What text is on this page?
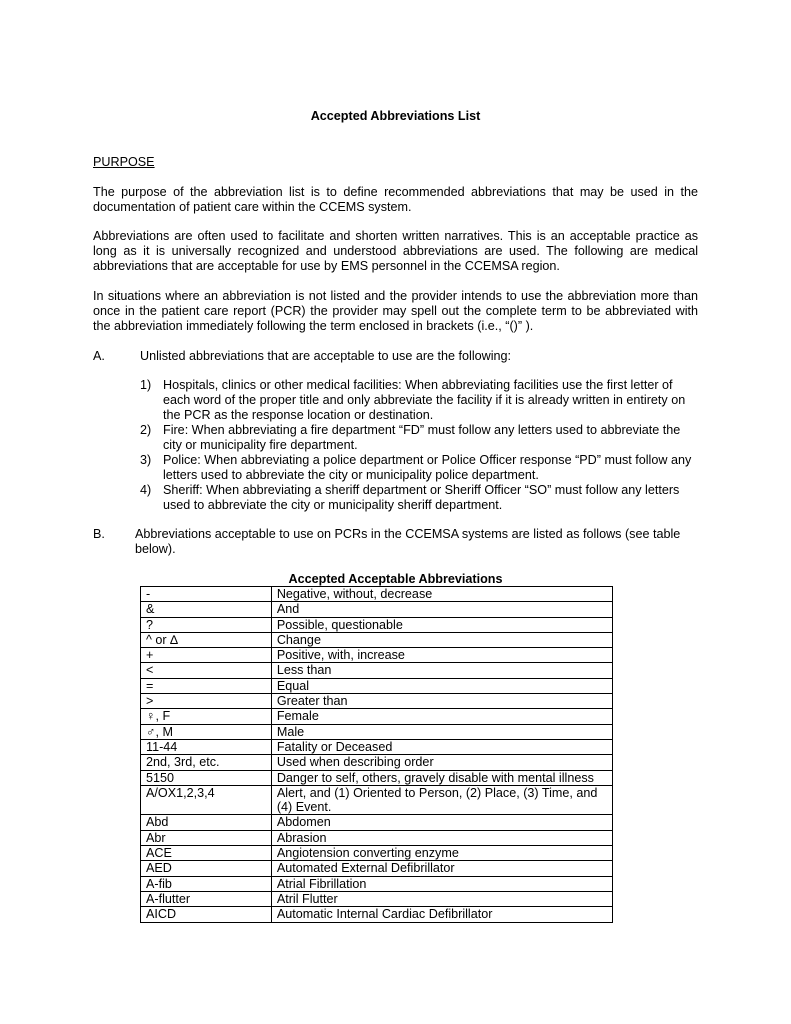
Accepted Abbreviations List
PURPOSE
The purpose of the abbreviation list is to define recommended abbreviations that may be used in the documentation of patient care within the CCEMS system.
Abbreviations are often used to facilitate and shorten written narratives. This is an acceptable practice as long as it is universally recognized and understood abbreviations are used. The following are medical abbreviations that are acceptable for use by EMS personnel in the CCEMSA region.
In situations where an abbreviation is not listed and the provider intends to use the abbreviation more than once in the patient care report (PCR) the provider may spell out the complete term to be abbreviated with the abbreviation immediately following the term enclosed in brackets (i.e., “()” ).
A.	Unlisted abbreviations that are acceptable to use are the following:
1) Hospitals, clinics or other medical facilities: When abbreviating facilities use the first letter of each word of the proper title and only abbreviate the facility if it is already written in entirety on the PCR as the response location or destination.
2) Fire: When abbreviating a fire department “FD” must follow any letters used to abbreviate the city or municipality fire department.
3) Police: When abbreviating a police department or Police Officer response “PD” must follow any letters used to abbreviate the city or municipality police department.
4) Sheriff: When abbreviating a sheriff department or Sheriff Officer “SO” must follow any letters used to abbreviate the city or municipality sheriff department.
B. Abbreviations acceptable to use on PCRs in the CCEMSA systems are listed as follows (see table below).
Accepted Acceptable Abbreviations
-	Negative, without, decrease
&	And
?	Possible, questionable
^ or ∆	Change
+	Positive, with, increase
<	Less than
=	Equal
>	Greater than
♀, F	Female
♂, M	Male
11-44	Fatality or Deceased
2nd, 3rd, etc.	Used when describing order
5150	Danger to self, others, gravely disable with mental illness
A/OX1,2,3,4	Alert, and (1) Oriented to Person, (2) Place, (3) Time, and (4) Event.
Abd	Abdomen
Abr	Abrasion
ACE	Angiotension converting enzyme
AED	Automated External Defibrillator
A-fib	Atrial Fibrillation
A-flutter	Atril Flutter
AICD	Automatic Internal Cardiac Defibrillator
